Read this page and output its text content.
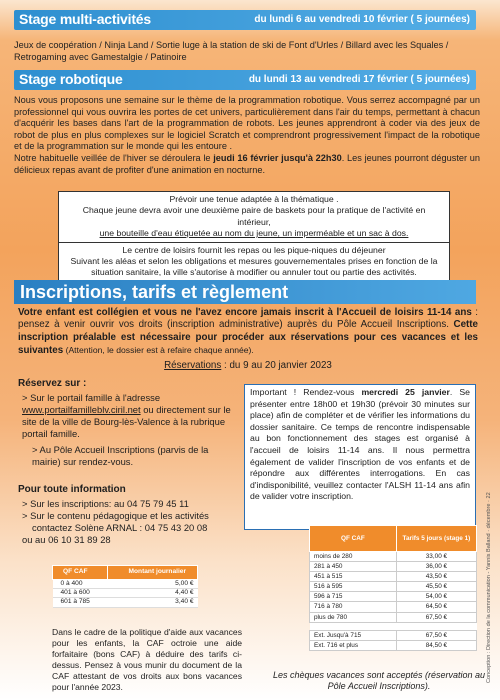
Stage multi-activités	du lundi 6 au vendredi 10 février ( 5 journées)
Jeux de coopération / Ninja Land / Sortie luge à la station de ski de Font d'Urles / Billard avec les Squales / Retrogaming avec Gamestalgie / Patinoire
Stage robotique	du lundi 13 au vendredi 17 février ( 5 journées)
Nous vous proposons une semaine sur le thème de la programmation robotique. Vous serrez accompagné par un professionnel qui vous ouvrira les portes de cet univers, particulièrement dans l'air du temps, permettant à chacun d'acquérir les bases dans l'art de la programmation de robots. Les jeunes apprendront à coder via des jeux de robot de plus en plus complexes sur le logiciel Scratch et comprendront progressivement l'impact de la robotique et de la programmation sur le monde qui les entoure .
Notre habituelle veillée de l'hiver se déroulera le jeudi 16 février jusqu'à 22h30. Les jeunes pourront déguster un délicieux repas avant de profiter d'une animation en nocturne.
Prévoir une tenue adaptée à la thématique .
Chaque jeune devra avoir une deuxième paire de baskets pour la pratique de l'activité en intérieur,
une bouteille d'eau étiquetée au nom du jeune, un imperméable et un sac à dos.
Le centre de loisirs fournit les repas ou les pique-niques du déjeuner
Suivant les aléas et selon les obligations et mesures gouvernementales prises en fonction de la situation sanitaire, la ville s'autorise à modifier ou annuler tout ou partie des activités.
Inscriptions, tarifs et règlement
Votre enfant est collégien et vous ne l'avez encore jamais inscrit à l'Accueil de loisirs 11-14 ans : pensez à venir ouvrir vos droits (inscription administrative) auprès du Pôle Accueil Inscriptions. Cette inscription préalable est nécessaire pour procéder aux réservations pour ces vacances et les suivantes (Attention, le dossier est à refaire chaque année).
Réservations : du 9 au 20 janvier 2023
Réservez sur :
> Sur le portail famille à l'adresse
www.portailfamilleblv.ciril.net ou directement sur le site de la ville de Bourg-lès-Valence à la rubrique portail famille.
> Au Pôle Accueil Inscriptions (parvis de la mairie) sur rendez-vous.
Pour toute information
> Sur les inscriptions: au 04 75 79 45 11
> Sur le contenu pédagogique et les activités
contactez Solène ARNAL : 04 75 43 20 08
ou au 06 10 31 89 28
Important ! Rendez-vous mercredi 25 janvier. Se présenter entre 18h00 et 19h30 (prévoir 30 minutes sur place) afin de compléter et de vérifier les informations du dossier sanitaire. Ce temps de rencontre indispensable au bon fonctionnement des stages est organisé à l'accueil de loisirs 11-14 ans. Il nous permettra également de valider l'inscription de vos enfants et de répondre aux différentes interrogations. En cas d'indisponibilité, veuillez contacter l'ALSH 11-14 ans afin de valider votre inscription.
QF CAF	Montant journalier
0 à 400	5,00 €
401 à 600	4,40 €
601 à 785	3,40 €
Dans le cadre de la politique d'aide aux vacances pour les enfants, la CAF octroie une aide forfaitaire (bons CAF) à déduire des tarifs ci-dessus. Pensez à vous munir du document de la CAF attestant de vos droits aux bons vacances pour l'année 2023.
QF CAF	Tarifs 5 jours (stage 1)
moins de 280	33,00 €
281 à 450	36,00 €
451 à 515	43,50 €
516 à 595	45,50 €
596 à 715	54,00 €
716 à 780	64,50 €
plus de 780	67,50 €

Ext. Jusqu'à 715	67,50 €
Ext. 716 et plus	84,50 €
Les chèques vacances sont acceptés (réservation au Pôle Accueil Inscriptions).
Conception : Direction de la communication - Yannis Balland · décembre · 22
